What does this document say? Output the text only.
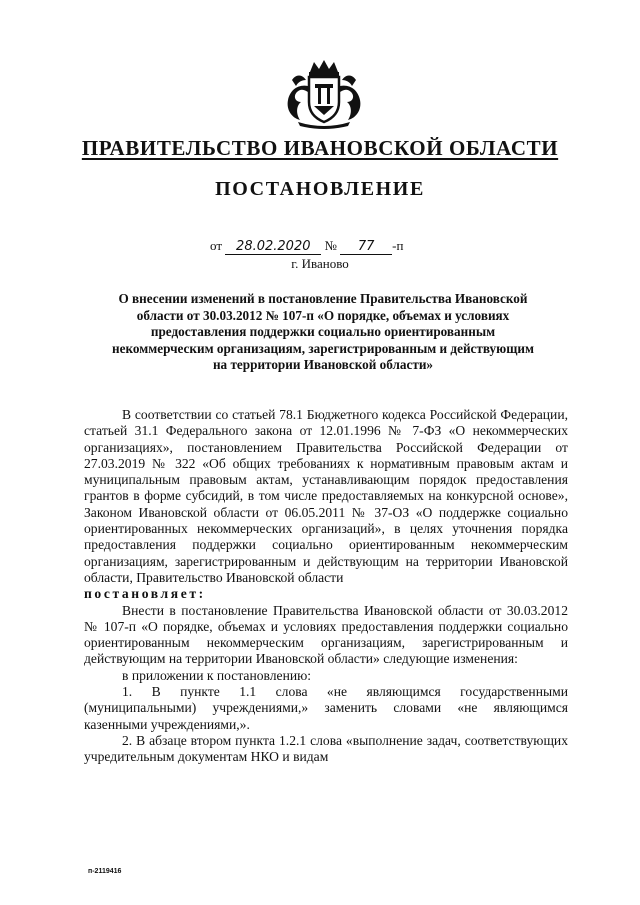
ПРАВИТЕЛЬСТВО ИВАНОВСКОЙ ОБЛАСТИ
ПОСТАНОВЛЕНИЕ
от 28.02.2020 № 77 -п
г. Иваново
О внесении изменений в постановление Правительства Ивановской области от 30.03.2012 № 107-п «О порядке, объемах и условиях предоставления поддержки социально ориентированным некоммерческим организациям, зарегистрированным и действующим на территории Ивановской области»

В соответствии со статьей 78.1 Бюджетного кодекса Российской Федерации, статьей 31.1 Федерального закона от 12.01.1996 № 7-ФЗ «О некоммерческих организациях», постановлением Правительства Российской Федерации от 27.03.2019 № 322 «Об общих требованиях к нормативным правовым актам и муниципальным правовым актам, устанавливающим порядок предоставления грантов в форме субсидий, в том числе предоставляемых на конкурсной основе», Законом Ивановской области от 06.05.2011 № 37-ОЗ «О поддержке социально ориентированных некоммерческих организаций», в целях уточнения порядка предоставления поддержки социально ориентированным некоммерческим организациям, зарегистрированным и действующим на территории Ивановской области, Правительство Ивановской области

постановляет:

Внести в постановление Правительства Ивановской области от 30.03.2012 № 107-п «О порядке, объемах и условиях предоставления поддержки социально ориентированным некоммерческим организациям, зарегистрированным и действующим на территории Ивановской области» следующие изменения:

в приложении к постановлению:

1. В пункте 1.1 слова «не являющимся государственными (муниципальными) учреждениями,» заменить словами «не являющимся казенными учреждениями,».

2. В абзаце втором пункта 1.2.1 слова «выполнение задач, соответствующих учредительным документам НКО и видам

п-2119416
